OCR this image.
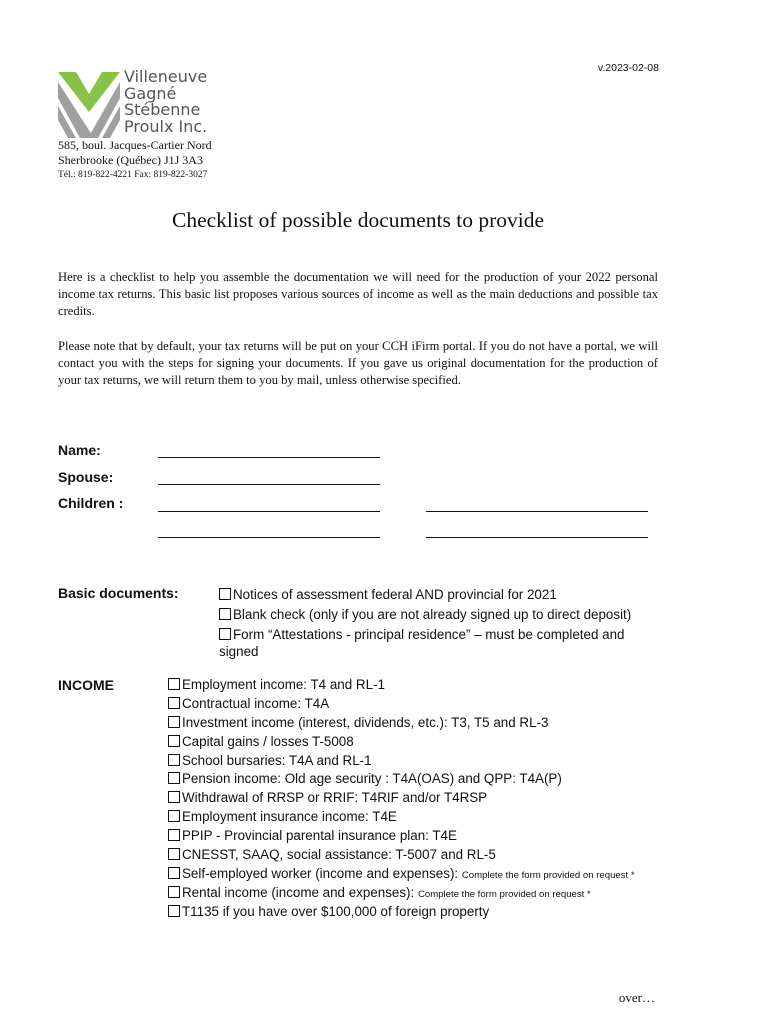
v.2023-02-08
Villeneuve
Gagné
Stébenne
Proulx Inc.
585, boul. Jacques-Cartier Nord
Sherbrooke (Québec) J1J 3A3
Tél.: 819-822-4221 Fax: 819-822-3027
Checklist of possible documents to provide
Here is a checklist to help you assemble the documentation we will need for the production of your 2022 personal income tax returns. This basic list proposes various sources of income as well as the main deductions and possible tax credits.
Please note that by default, your tax returns will be put on your CCH iFirm portal. If you do not have a portal, we will contact you with the steps for signing your documents. If you gave us original documentation for the production of your tax returns, we will return them to you by mail, unless otherwise specified.
Name:
Spouse:
Children :
Basic documents:	Notices of assessment federal AND provincial for 2021
Blank check (only if you are not already signed up to direct deposit)
Form “Attestations - principal residence” – must be completed and signed
INCOME	Employment income: T4 and RL-1
Contractual income: T4A
Investment income (interest, dividends, etc.): T3, T5 and RL-3
Capital gains / losses T-5008
School bursaries: T4A and RL-1
Pension income: Old age security : T4A(OAS) and QPP: T4A(P)
Withdrawal of RRSP or RRIF: T4RIF and/or T4RSP
Employment insurance income: T4E
PPIP - Provincial parental insurance plan: T4E
CNESST, SAAQ, social assistance: T-5007 and RL-5
Self-employed worker (income and expenses): Complete the form provided on request *
Rental income (income and expenses): Complete the form provided on request *
T1135 if you have over $100,000 of foreign property
over…
